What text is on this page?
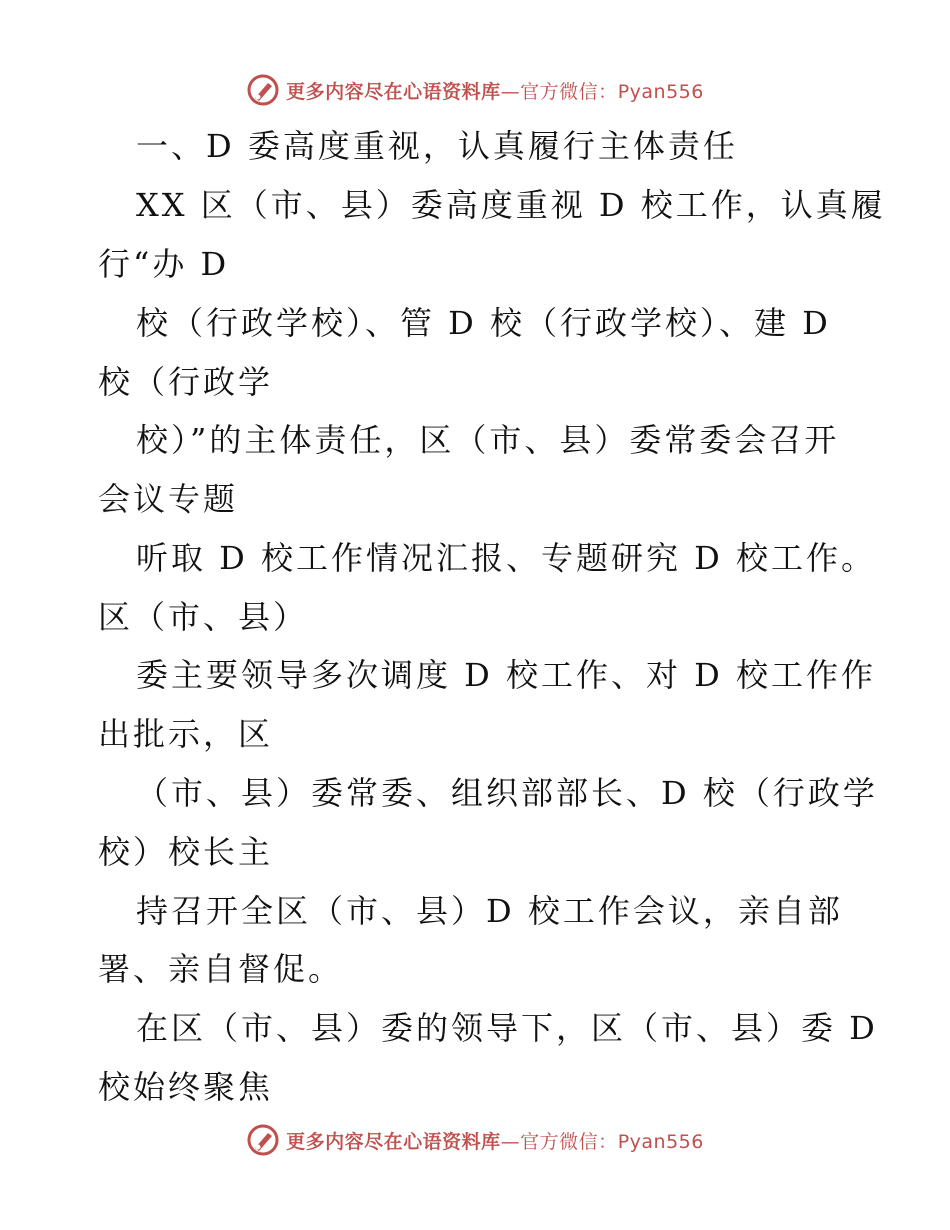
更多内容尽在心语资料库—官方微信：Pyan556
一、D 委高度重视，认真履行主体责任
XX 区（市、县）委高度重视 D 校工作，认真履
行“办 D
校（行政学校）、管 D 校（行政学校）、建 D
校（行政学
校）”的主体责任，区（市、县）委常委会召开
会议专题
听取 D 校工作情况汇报、专题研究 D 校工作。
区（市、县）
委主要领导多次调度 D 校工作、对 D 校工作作
出批示，区
（市、县）委常委、组织部部长、D 校（行政学
校）校长主
持召开全区（市、县）D 校工作会议，亲自部
署、亲自督促。
在区（市、县）委的领导下，区（市、县）委 D
校始终聚焦
更多内容尽在心语资料库—官方微信：Pyan556
